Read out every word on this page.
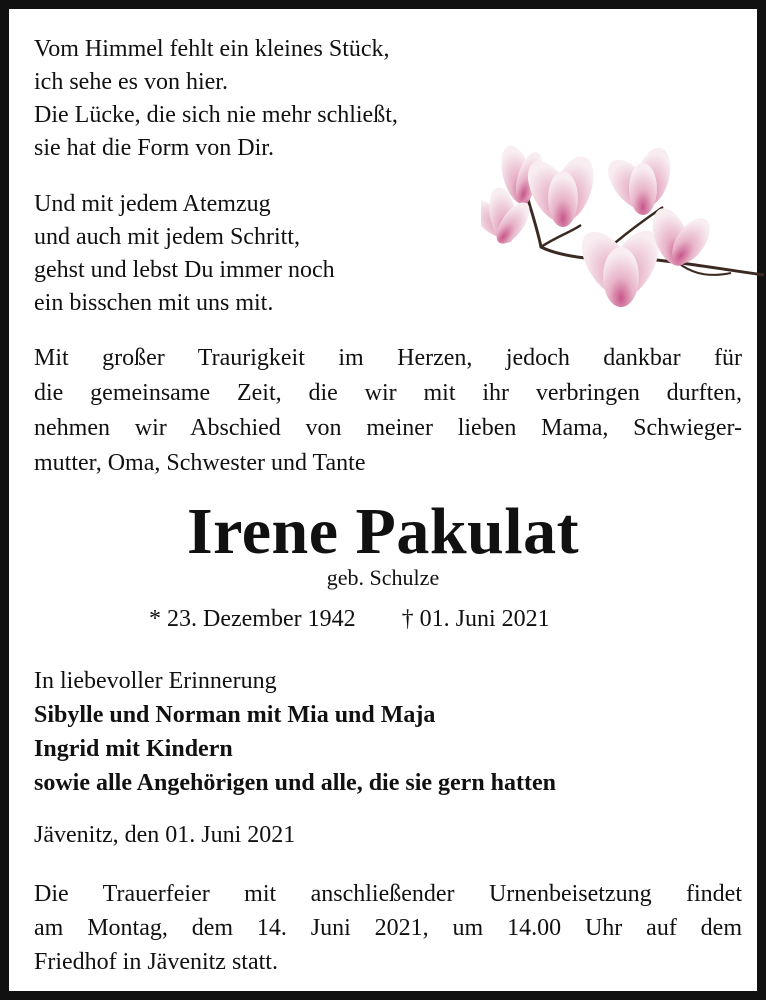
Vom Himmel fehlt ein kleines Stück,
ich sehe es von hier.
Die Lücke, die sich nie mehr schließt,
sie hat die Form von Dir.
Und mit jedem Atemzug
und auch mit jedem Schritt,
gehst und lebst Du immer noch
ein bisschen mit uns mit.
Mit großer Traurigkeit im Herzen, jedoch dankbar für
die gemeinsame Zeit, die wir mit ihr verbringen durften,
nehmen wir Abschied von meiner lieben Mama, Schwieger-
mutter, Oma, Schwester und Tante
Irene Pakulat
geb. Schulze
* 23. Dezember 1942 † 01. Juni 2021
In liebevoller Erinnerung
Sibylle und Norman mit Mia und Maja
Ingrid mit Kindern
sowie alle Angehörigen und alle, die sie gern hatten
Jävenitz, den 01. Juni 2021
Die Trauerfeier mit anschließender Urnenbeisetzung findet
am Montag, dem 14. Juni 2021, um 14.00 Uhr auf dem
Friedhof in Jävenitz statt.
